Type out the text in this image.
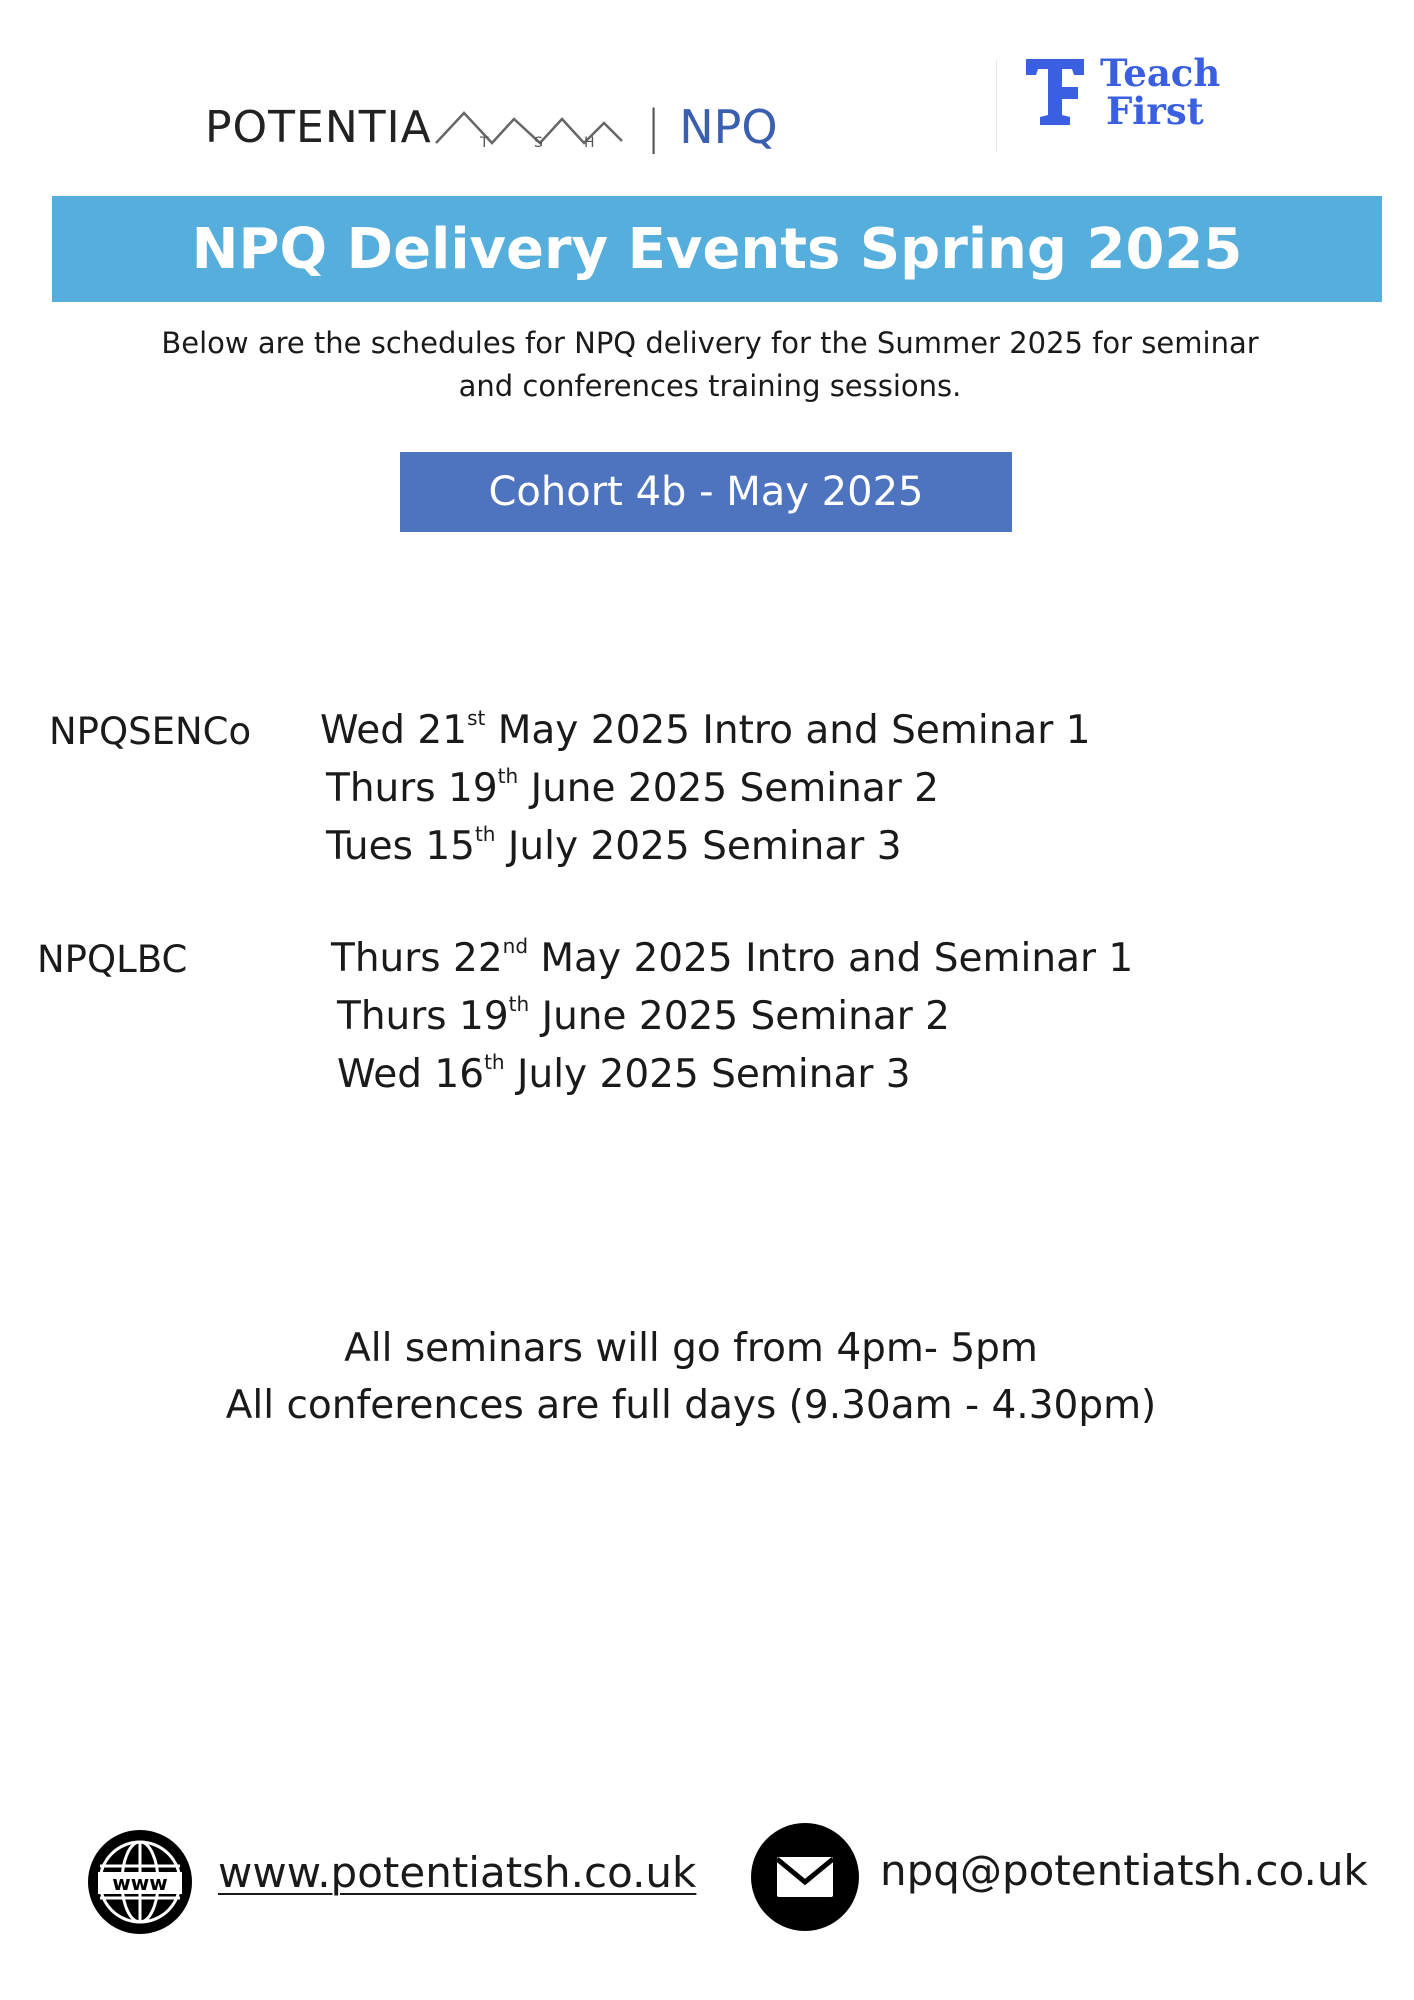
POTENTIA	T	S	H | NPQ
Teach
First
NPQ Delivery Events Spring 2025
Below are the schedules for NPQ delivery for the Summer 2025 for seminar
and conferences training sessions.
Cohort 4b - May 2025
NPQSENCo Wed 21st May 2025 Intro and Seminar 1
Thurs 19th June 2025 Seminar 2
Tues 15th July 2025 Seminar 3
NPQLBC	Thurs 22nd May 2025 Intro and Seminar 1
Thurs 19th June 2025 Seminar 2
Wed 16th July 2025 Seminar 3
All seminars will go from 4pm- 5pm
All conferences are full days (9.30am - 4.30pm)
www www.potentiatsh.co.uk	npq@potentiatsh.co.uk
